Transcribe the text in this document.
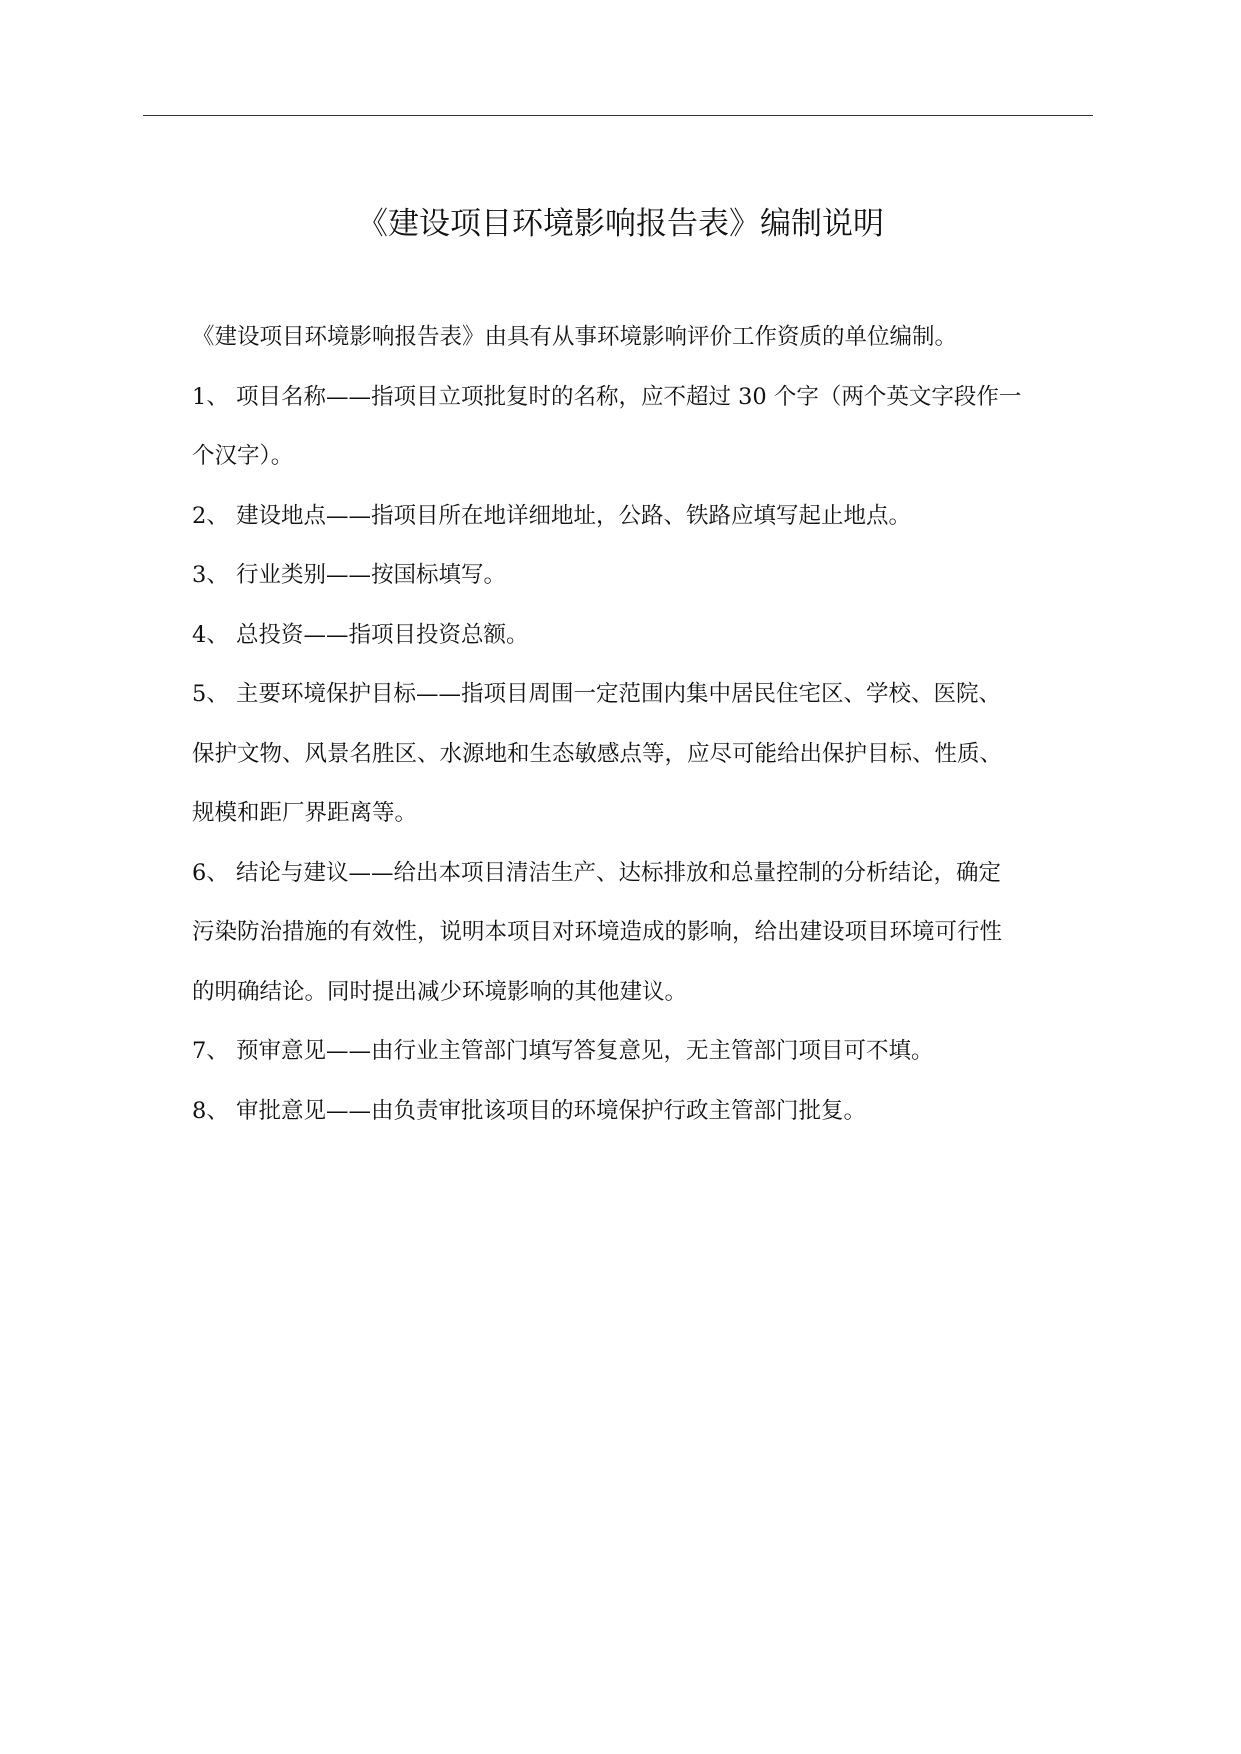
《建设项目环境影响报告表》编制说明
《建设项目环境影响报告表》由具有从事环境影响评价工作资质的单位编制。
1、 项目名称——指项目立项批复时的名称，应不超过 30 个字（两个英文字段作一
个汉字）。
2、 建设地点——指项目所在地详细地址，公路、铁路应填写起止地点。
3、 行业类别——按国标填写。
4、 总投资——指项目投资总额。
5、 主要环境保护目标——指项目周围一定范围内集中居民住宅区、学校、医院、
保护文物、风景名胜区、水源地和生态敏感点等，应尽可能给出保护目标、性质、
规模和距厂界距离等。
6、 结论与建议——给出本项目清洁生产、达标排放和总量控制的分析结论，确定
污染防治措施的有效性，说明本项目对环境造成的影响，给出建设项目环境可行性
的明确结论。同时提出减少环境影响的其他建议。
7、 预审意见——由行业主管部门填写答复意见，无主管部门项目可不填。
8、 审批意见——由负责审批该项目的环境保护行政主管部门批复。
